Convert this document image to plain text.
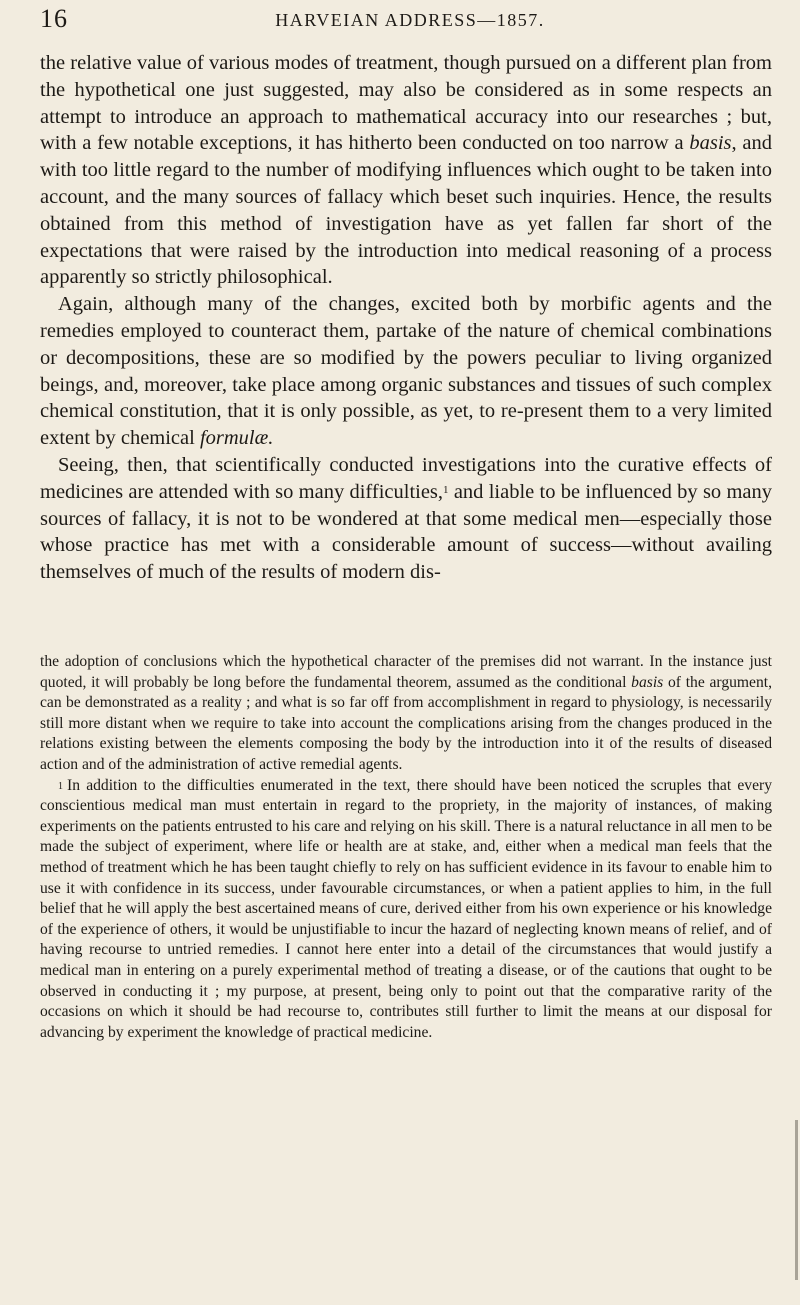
16	HARVEIAN ADDRESS—1857.

the relative value of various modes of treatment, though pursued on a different plan from the hypothetical one just suggested, may also be considered as in some respects an attempt to introduce an approach to mathematical accuracy into our researches ; but, with a few notable exceptions, it has hitherto been conducted on too narrow a basis, and with too little regard to the number of modifying influences which ought to be taken into account, and the many sources of fallacy which beset such inquiries. Hence, the results obtained from this method of investigation have as yet fallen far short of the expectations that were raised by the introduction into medical reasoning of a process apparently so strictly philosophical.

Again, although many of the changes, excited both by morbific agents and the remedies employed to counteract them, partake of the nature of chemical combinations or decompositions, these are so modified by the powers peculiar to living organized beings, and, moreover, take place among organic substances and tissues of such complex chemical constitution, that it is only possible, as yet, to re-present them to a very limited extent by chemical formulæ.

Seeing, then, that scientifically conducted investigations into the curative effects of medicines are attended with so many difficulties,$^1$ and liable to be influenced by so many sources of fallacy, it is not to be wondered at that some medical men—especially those whose practice has met with a considerable amount of success—without availing themselves of much of the results of modern dis-

the adoption of conclusions which the hypothetical character of the premises did not warrant. In the instance just quoted, it will probably be long before the fundamental theorem, assumed as the conditional basis of the argument, can be demonstrated as a reality ; and what is so far off from accomplishment in regard to physiology, is necessarily still more distant when we require to take into account the complications arising from the changes produced in the relations existing between the elements composing the body by the introduction into it of the results of diseased action and of the administration of active remedial agents.

$^1$ In addition to the difficulties enumerated in the text, there should have been noticed the scruples that every conscientious medical man must entertain in regard to the propriety, in the majority of instances, of making experiments on the patients entrusted to his care and relying on his skill. There is a natural reluctance in all men to be made the subject of experiment, where life or health are at stake, and, either when a medical man feels that the method of treatment which he has been taught chiefly to rely on has sufficient evidence in its favour to enable him to use it with confidence in its success, under favourable circumstances, or when a patient applies to him, in the full belief that he will apply the best ascertained means of cure, derived either from his own experience or his knowledge of the experience of others, it would be unjustifiable to incur the hazard of neglecting known means of relief, and of having recourse to untried remedies. I cannot here enter into a detail of the circumstances that would justify a medical man in entering on a purely experimental method of treating a disease, or of the cautions that ought to be observed in conducting it ; my purpose, at present, being only to point out that the comparative rarity of the occasions on which it should be had recourse to, contributes still further to limit the means at our disposal for advancing by experiment the knowledge of practical medicine.
